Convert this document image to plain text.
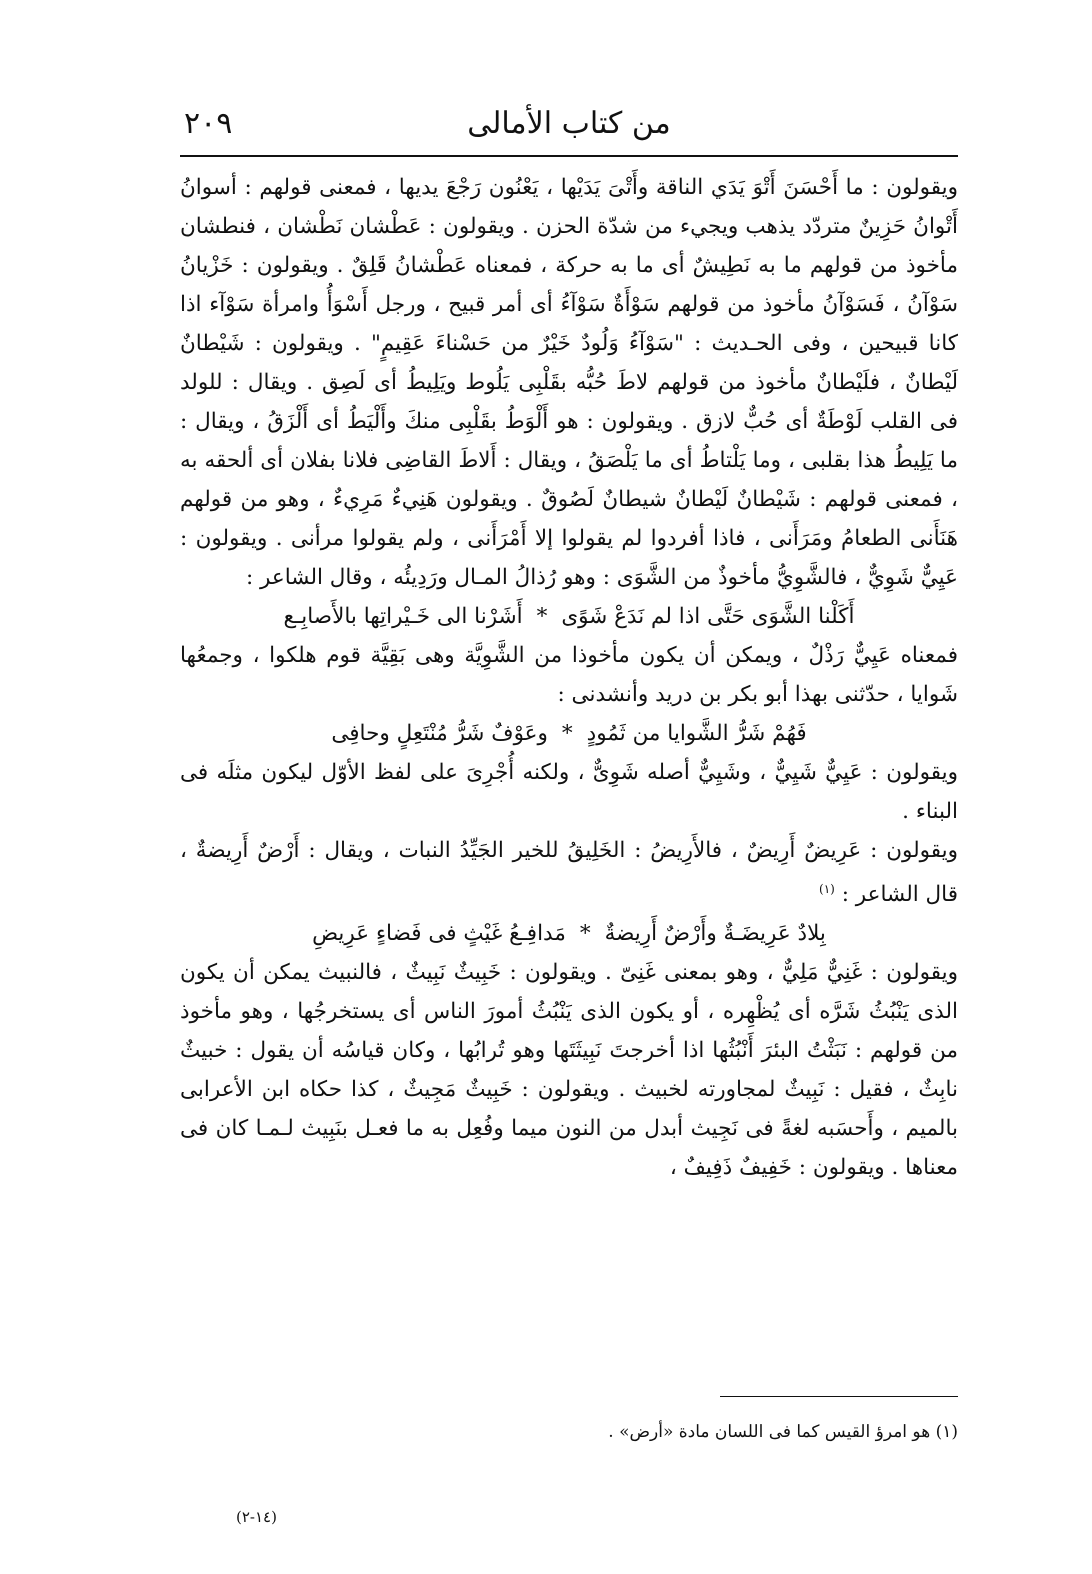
من كتاب الأمالى
٢٠٩

ويقولون : ما أَحْسَنَ أَتْوَ يَدَي الناقة وأَتْىَ يَدَيْها ، يَعْنُون رَجْعَ يديها ، فمعنى قولهم : أسوانُ أَتْوانُ حَزِينٌ متردّد يذهب ويجيء من شدّة الحزن . ويقولون : عَطْشان نَطْشان ، فنطشان مأخوذ من قولهم ما به نَطِيشٌ أى ما به حركة ، فمعناه عَطْشانُ قَلِقٌ . ويقولون : خَزْيانُ سَوْآنُ ، فَسَوْآنُ مأخوذ من قولهم سَوْأَةٌ سَوْآءُ أى أمر قبيح ، ورجل أَسْوَأُ وامرأة سَوْآء اذا كانا قبيحين ، وفى الحـديث : "سَوْآءُ وَلُودٌ خَيْرٌ من حَسْناءَ عَقِيمٍ" . ويقولون : شَيْطانٌ لَيْطانٌ ، فلَيْطانٌ مأخوذ من قولهم لاطَ حُبُّه بقَلْبِى يَلُوط ويَلِيطُ أى لَصِق . ويقال : للولد فى القلب لَوْطَةٌ أى حُبٌّ لازق . ويقولون : هو أَلْوَطُ بقَلْبِى منكَ وأَلْيَطُ أى أَلْزَقُ ، ويقال : ما يَلِيطُ هذا بقلبى ، وما يَلْتاطُ أى ما يَلْصَقُ ، ويقال : أَلاطَ القاضِى فلانا بفلان أى ألحقه به ، فمعنى قولهم : شَيْطانٌ لَيْطانٌ شيطانٌ لَصُوقٌ . ويقولون هَنِيءٌ مَرِيءٌ ، وهو من قولهم هَنَأَنى الطعامُ ومَرَأَنى ، فاذا أفردوا لم يقولوا إلا أَمْرَأَنى ، ولم يقولوا مرأنى . ويقولون : عَيِيٌّ شَوِيٌّ ، فالشَّوِيُّ مأخوذٌ من الشَّوَى : وهو رُذالُ المـال ورَدِيئُه ، وقال الشاعر :

أَكَلْنا الشَّوَى حَتَّى اذا لم نَدَعْ شَوًى*أَشَرْنا الى خَـيْراتِها بالأَصابِـع

فمعناه عَيِيٌّ رَذْلٌ ، ويمكن أن يكون مأخوذا من الشَّوِيَّة وهى بَقِيَّة قوم هلكوا ، وجمعُها شَوايا ، حدّثنى بهذا أبو بكر بن دريد وأنشدنى :

فَهُمْ شَرُّ الشَّوايا من ثَمُودٍ*وعَوْفٌ شَرُّ مُنْتَعِلٍ وحافِى

ويقولون : عَيِيٌّ شَيِيٌّ ، وشَيِيٌّ أصله شَوِىٌّ ، ولكنه أُجْرِىَ على لفظ الأوّل ليكون مثلَه فى البناء .

ويقولون : عَرِيضٌ أَرِيضٌ ، فالأَرِيضُ : الخَلِيقُ للخير الجَيِّدُ النبات ، ويقال : أَرْضٌ أَرِيضةٌ ، قال الشاعر : $^{(١)}$

بِلادٌ عَرِيضَـةٌ وأَرْضٌ أَرِيضةٌ*مَدافِـعُ غَيْثٍ فى فَضاءٍ عَرِيضِ

ويقولون : غَنِيٌّ مَلِيٌّ ، وهو بمعنى غَنِىّ . ويقولون : خَبِيثٌ نَبِيثٌ ، فالنبيث يمكن أن يكون الذى يَنْبُثُ شَرَّه أى يُظْهِره ، أو يكون الذى يَنْبُثُ أمورَ الناس أى يستخرجُها ، وهو مأخوذ من قولهم : نَبَثْتُ البئرَ أَنْبُثُها اذا أخرجتَ نَبِيثَتَها وهو تُرابُها ، وكان قياسُه أن يقول : خبيثٌ نابِثٌ ، فقيل : نَبِيثٌ لمجاورته لخبيث . ويقولون : خَبِيثٌ مَجِيثٌ ، كذا حكاه ابن الأعرابى بالميم ، وأَحسَبه لغةً فى نَجِيث أبدل من النون ميما وفُعِل به ما فعـل بنَبِيث لـمـا كان فى معناها . ويقولون : خَفِيفٌ ذَفِيفٌ ،

(١) هو امرؤ القيس كما فى اللسان مادة «أرض» .
(١٤-٢)
